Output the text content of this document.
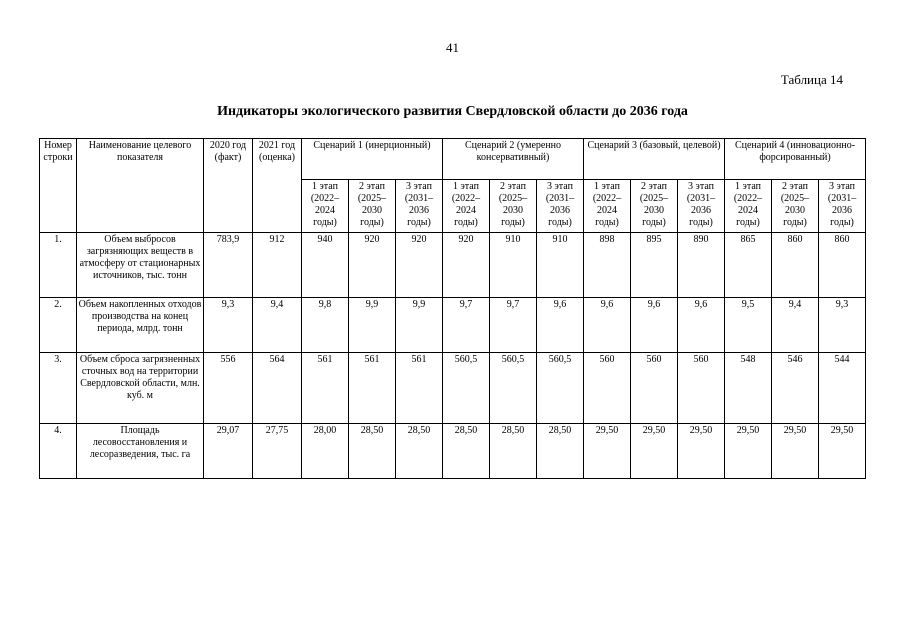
41
Таблица 14
Индикаторы экологического развития Свердловской области до 2036 года
Номер строки	Наименование целевого показателя	2020 год (факт)	2021 год (оценка)	Сценарий 1 (инерционный)			Сценарий 2 (умеренно консервативный)			Сценарий 3 (базовый, целевой)			Сценарий 4 (инновационно-форсированный)		
				1 этап (2022–2024 годы)	2 этап (2025–2030 годы)	3 этап (2031–2036 годы)	1 этап (2022–2024 годы)	2 этап (2025–2030 годы)	3 этап (2031–2036 годы)	1 этап (2022–2024 годы)	2 этап (2025–2030 годы)	3 этап (2031–2036 годы)	1 этап (2022–2024 годы)	2 этап (2025–2030 годы)	3 этап (2031–2036 годы)
1.	Объем выбросов загрязняющих веществ в атмосферу от стационарных источников, тыс. тонн	783,9	912	940	920	920	920	910	910	898	895	890	865	860	860
2.	Объем накопленных отходов производства на конец периода, млрд. тонн	9,3	9,4	9,8	9,9	9,9	9,7	9,7	9,6	9,6	9,6	9,6	9,5	9,4	9,3
3.	Объем сброса загрязненных сточных вод на территории Свердловской области, млн. куб. м	556	564	561	561	561	560,5	560,5	560,5	560	560	560	548	546	544
4.	Площадь лесовосстановления и лесоразведения, тыс. га	29,07	27,75	28,00	28,50	28,50	28,50	28,50	28,50	29,50	29,50	29,50	29,50	29,50	29,50
